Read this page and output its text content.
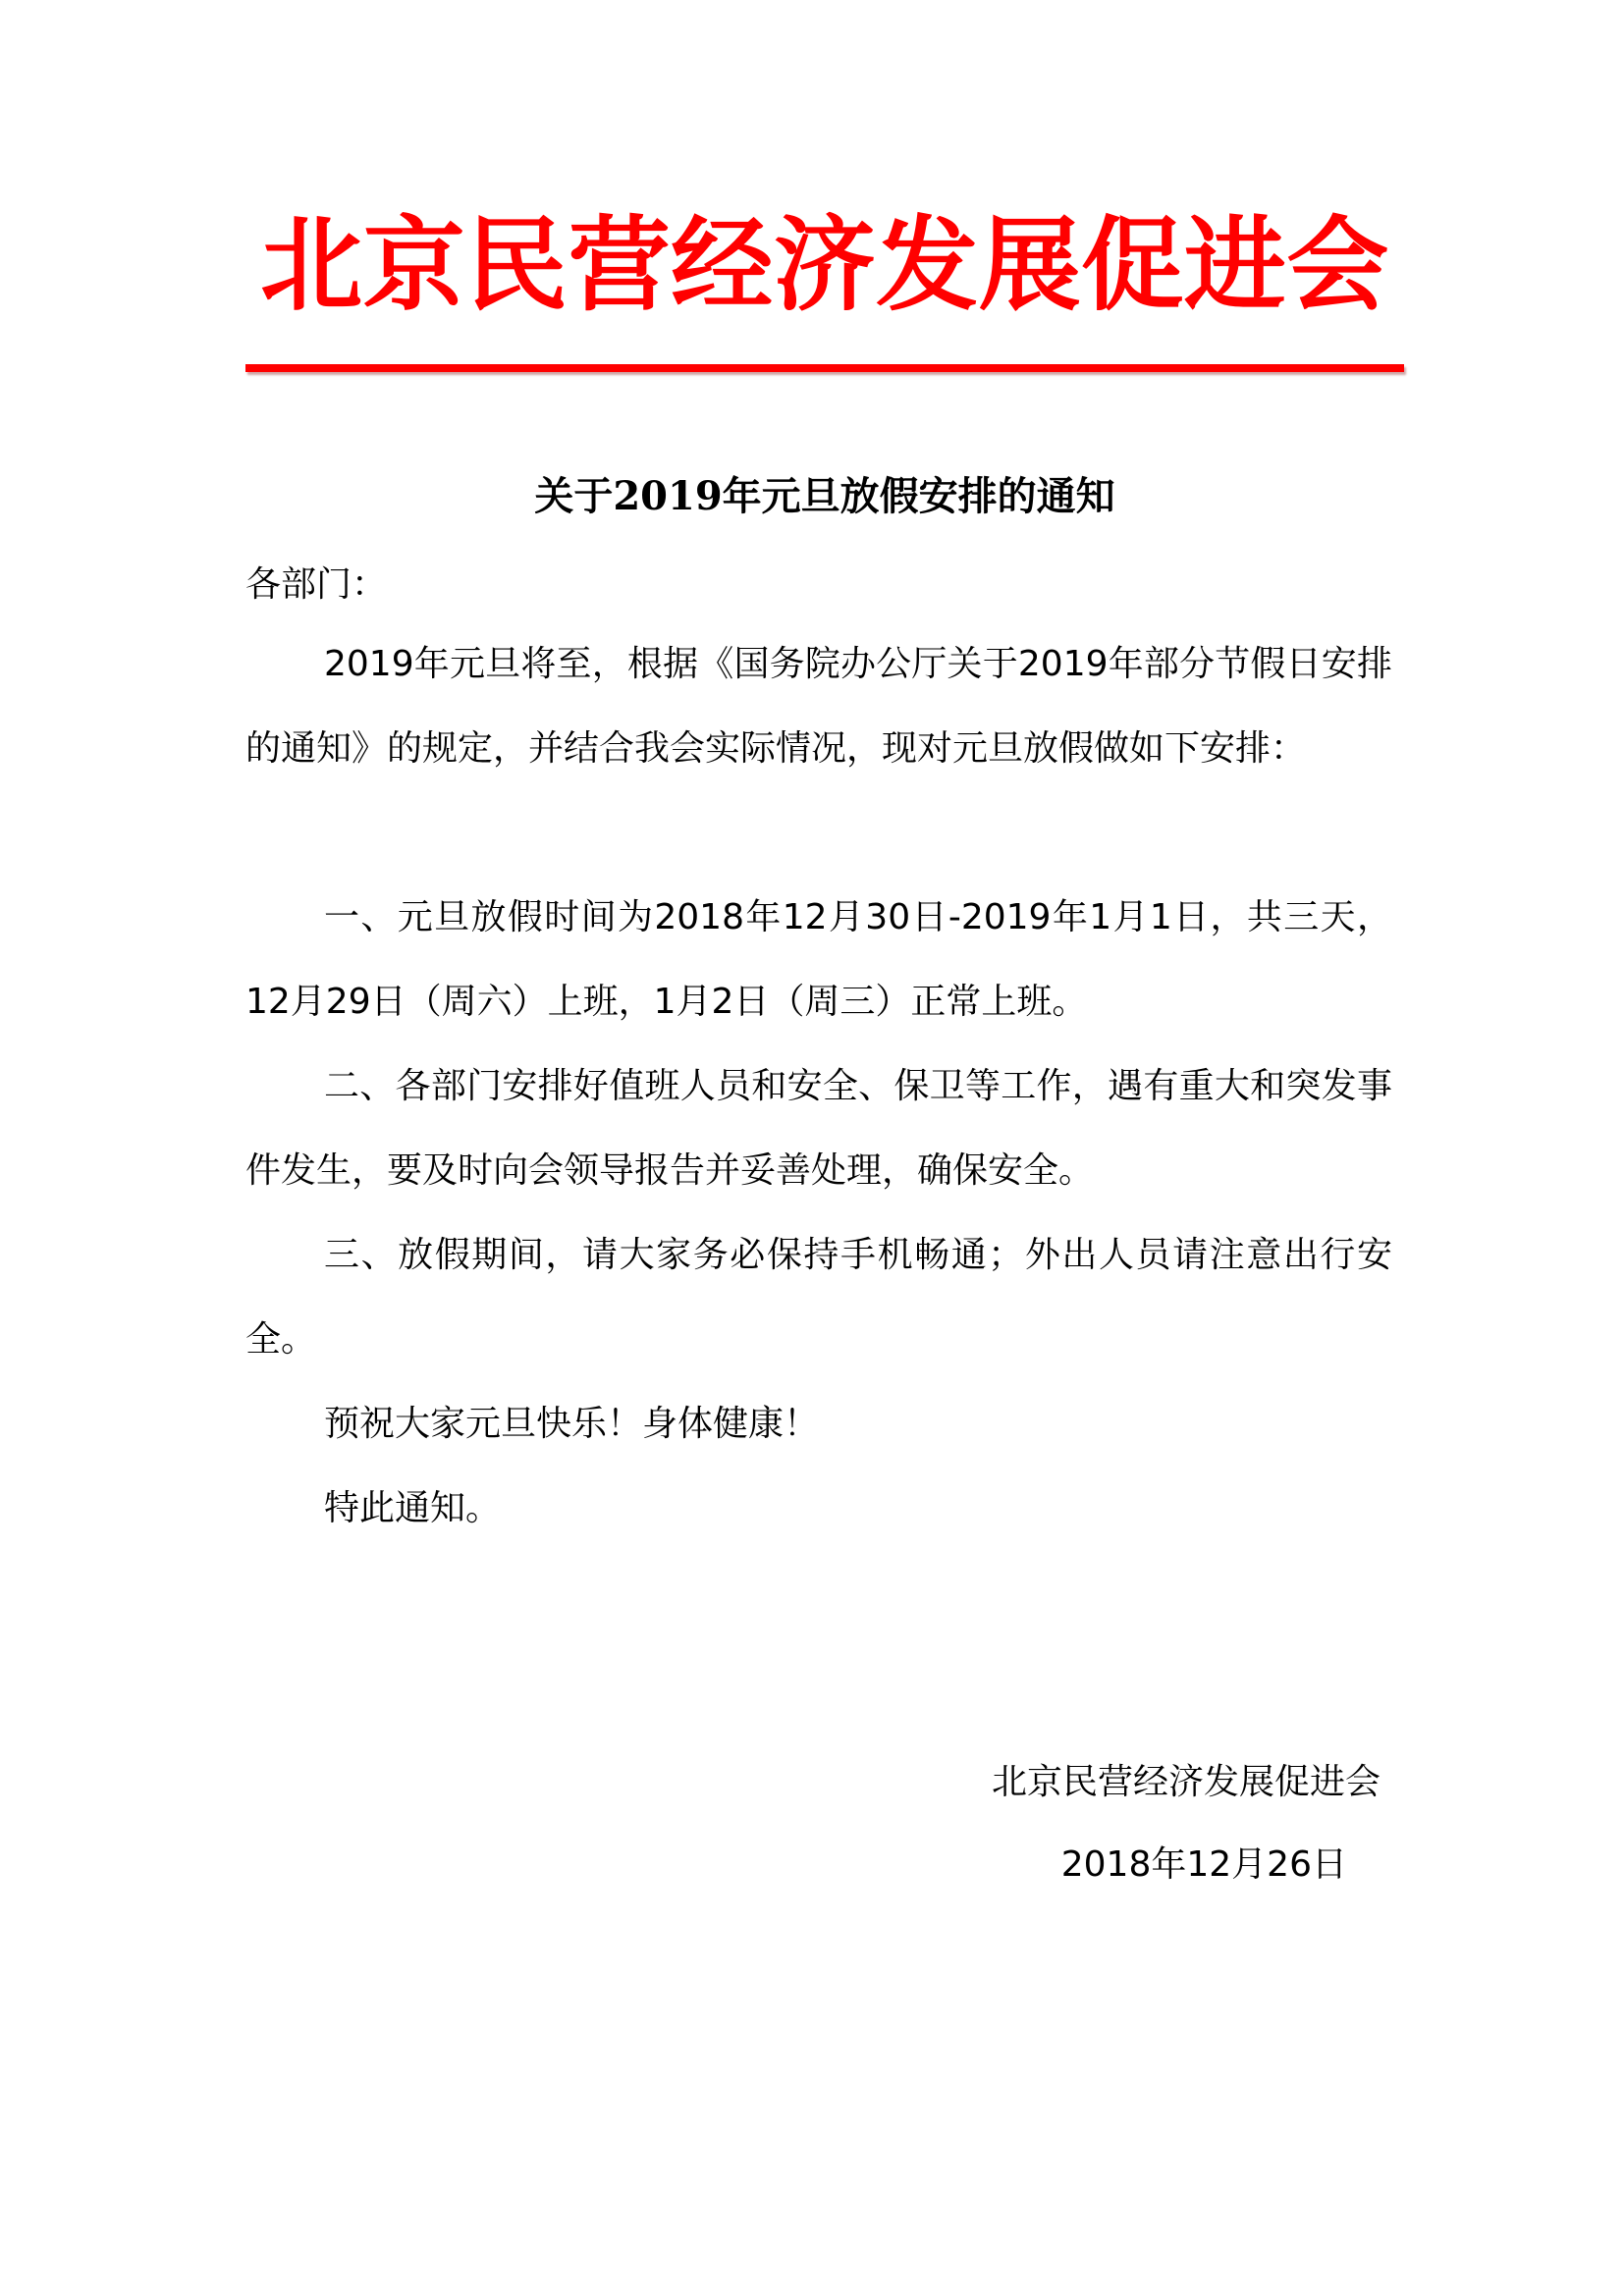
北京民营经济发展促进会
关于2019年元旦放假安排的通知

各部门：

2019年元旦将至，根据《国务院办公厅关于2019年部分节假日安排的通知》的规定，并结合我会实际情况，现对元旦放假做如下安排：

一、元旦放假时间为2018年12月30日-2019年1月1日，共三天，12月29日（周六）上班，1月2日（周三）正常上班。

二、各部门安排好值班人员和安全、保卫等工作，遇有重大和突发事件发生，要及时向会领导报告并妥善处理，确保安全。

三、放假期间，请大家务必保持手机畅通；外出人员请注意出行安全。

预祝大家元旦快乐！身体健康！

特此通知。

北京民营经济发展促进会

2018年12月26日
